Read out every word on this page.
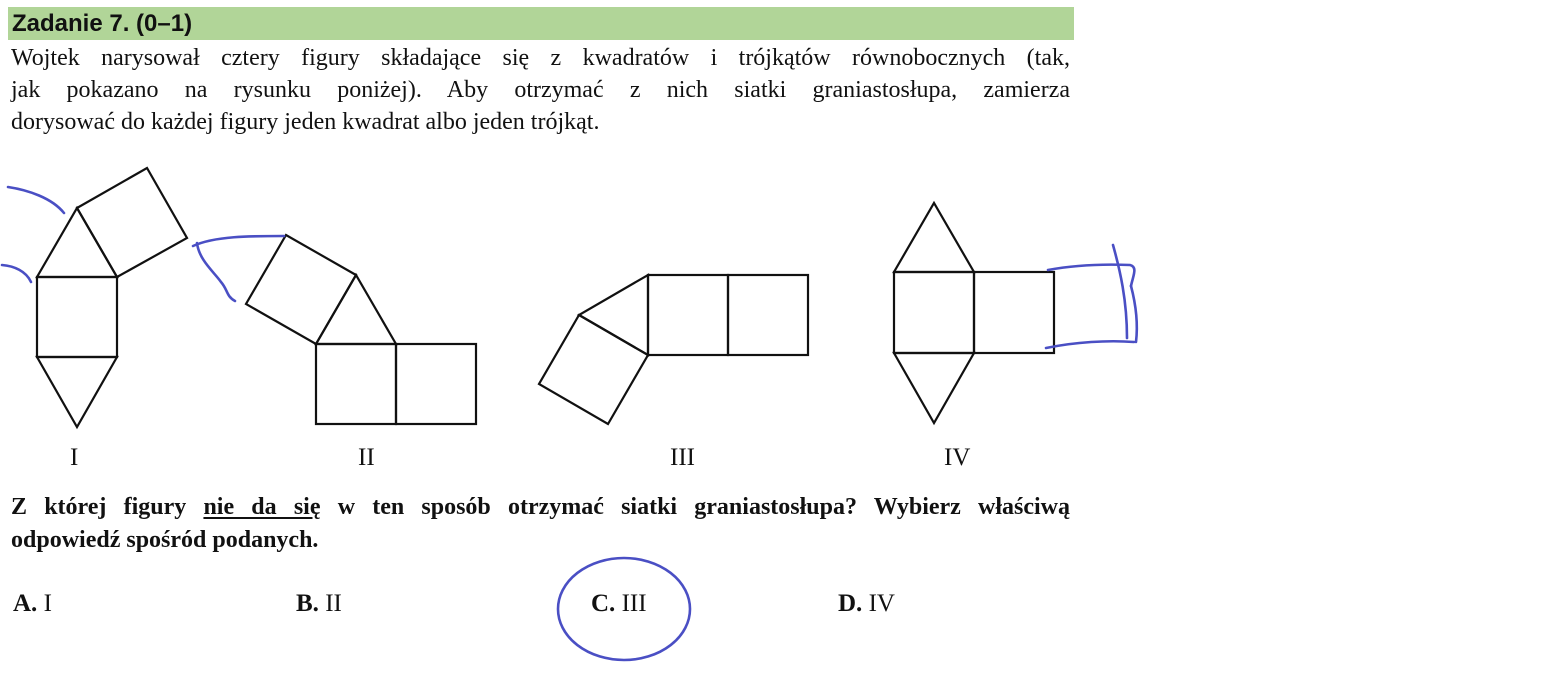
Zadanie 7. (0–1)
Wojtek narysował cztery figury składające się z kwadratów i trójkątów równobocznych (tak,
jak pokazano na rysunku poniżej). Aby otrzymać z nich siatki graniastosłupa, zamierza
dorysować do każdej figury jeden kwadrat albo jeden trójkąt.
I	II	III	IV
Z której figury nie da się w ten sposób otrzymać siatki graniastosłupa? Wybierz właściwą
odpowiedź spośród podanych.
A. I	B. II	C. III	D. IV
